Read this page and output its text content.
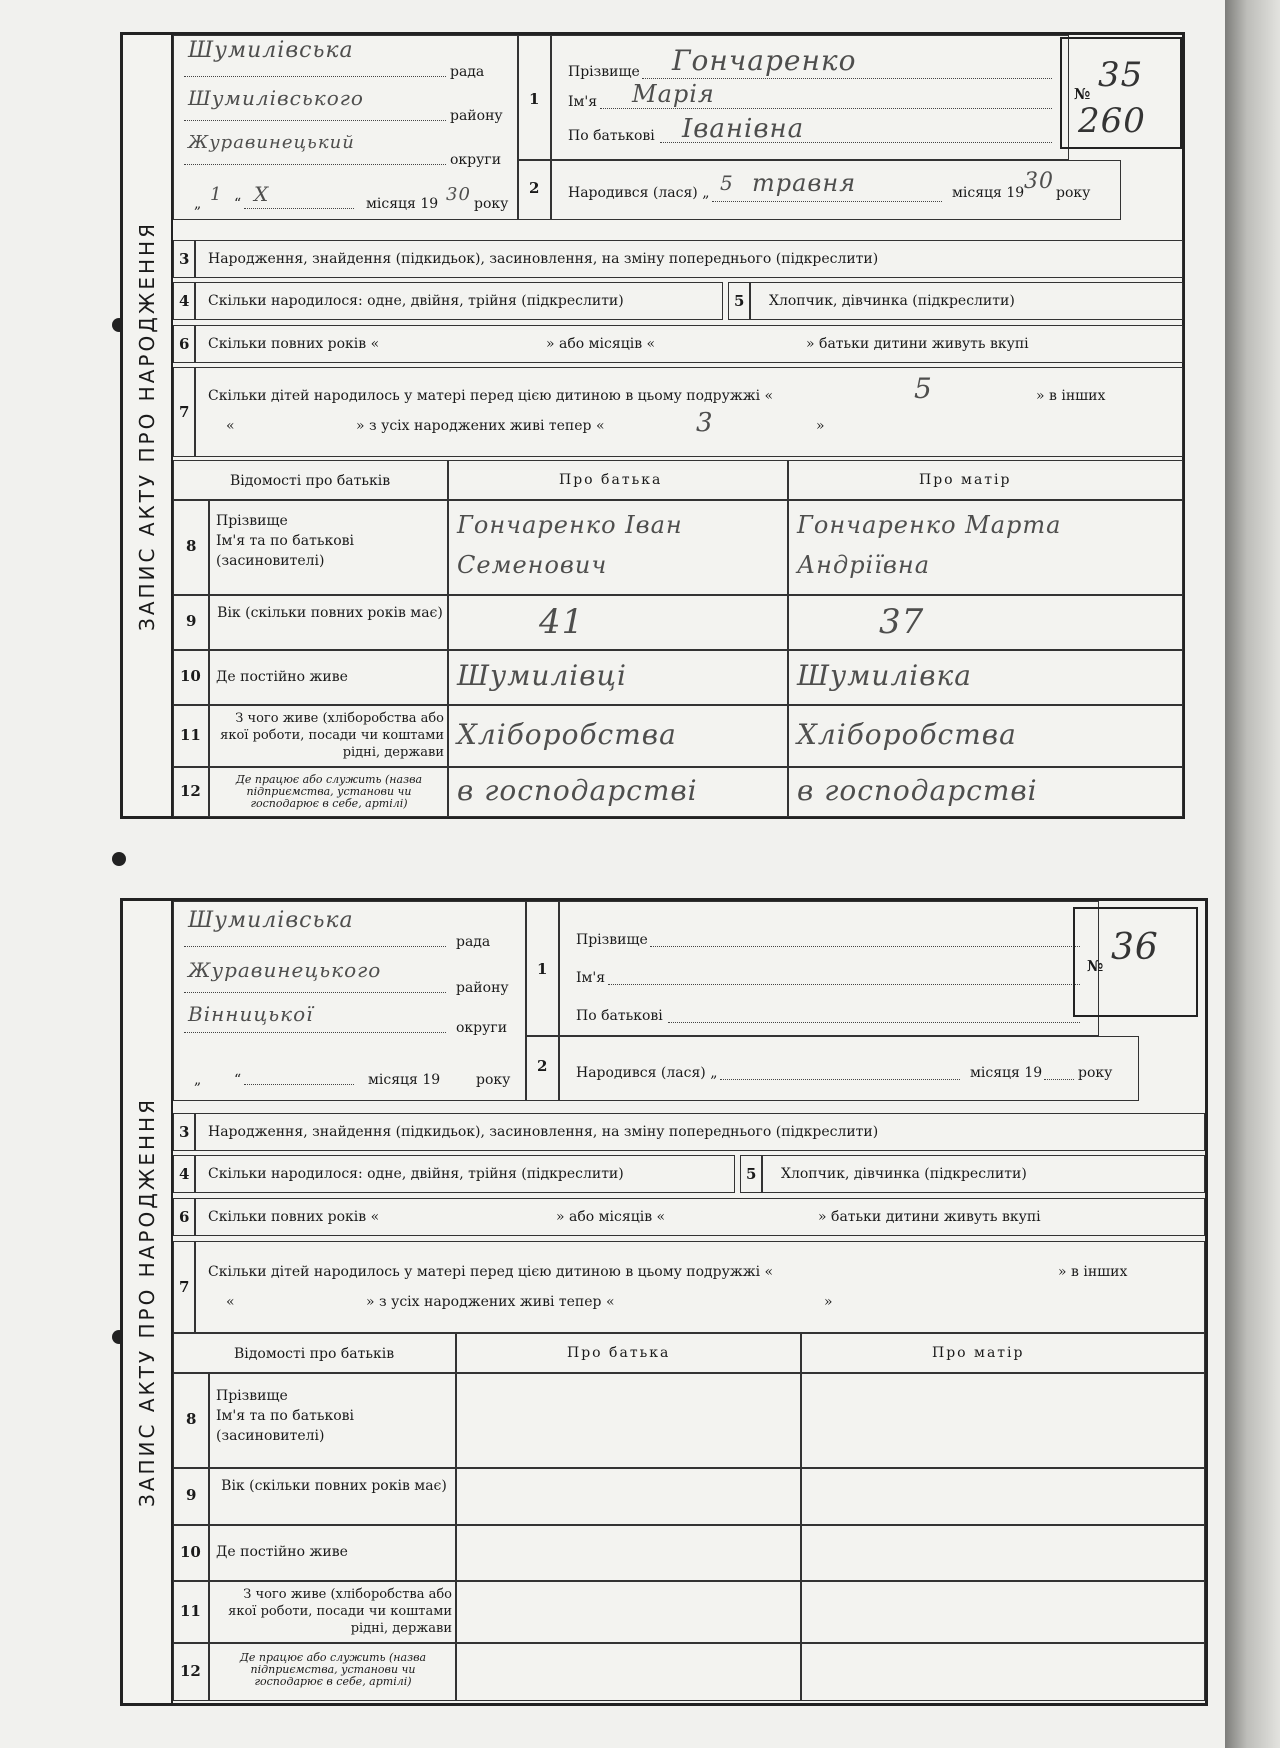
ЗАПИС АКТУ ПРО НАРОДЖЕННЯ
Шумилівська
рада
Шумилівського
району
Журавинецький
округи
„ 1 “ X	місяця 19 30 року
1
Прізвище Гончаренко
Ім'я Марія
По батькові Іванівна
№ 35
260
2 Народився (лася) „ 5 травня	місяця 19 30 року
3 Народження, знайдення (підкидьок), засиновлення, на зміну попереднього (підкреслити)
4 Скільки народилося: одне, двійня, трійня (підкреслити)	5 Хлопчик, дівчинка (підкреслити)
6 Скільки повних років «	» або місяців «	» батьки дитини живуть вкупі
7
Скільки дітей народилось у матері перед цією дитиною в цьому подружжі «	5	» в інших
«	» з усіх народжених живі тепер «	3	»
Відомості про батьків	Про батька	Про матір
8
Прізвище
Ім'я та по батькові
(засиновителі)
Гончаренко Іван Семенович
Гончаренко Марта Андріївна
9 Вік (скільки повних років має)	41	37
10 Де постійно живе	Шумилівці	Шумилівка
11
З чого живе (хліборобства або якої роботи, посади чи коштами рідні, держави
Хліборобства	Хліборобства
12
Де працює або служить (назва підприємства, установи чи господарює в себе, артілі)	в господарстві	в господарстві
ЗАПИС АКТУ ПРО НАРОДЖЕННЯ
Шумилівська
рада
Журавинецького
району
Вінницької
округи
„ “	місяця 19	року
1
Прізвище
Ім'я
По батькові
№ 36
2 Народився (лася) „	місяця 19	року
3 Народження, знайдення (підкидьок), засиновлення, на зміну попереднього (підкреслити)
4 Скільки народилося: одне, двійня, трійня (підкреслити)	5 Хлопчик, дівчинка (підкреслити)
6 Скільки повних років «	» або місяців «	» батьки дитини живуть вкупі
7
Скільки дітей народилось у матері перед цією дитиною в цьому подружжі «	» в інших
«	» з усіх народжених живі тепер «	»
Відомості про батьків	Про батька	Про матір
8
Прізвище
Ім'я та по батькові
(засиновителі)
9	Вік (скільки повних років має)
10 Де постійно живе
11
З чого живе (хліборобства або якої роботи, посади чи коштами рідні, держави
12
Де працює або служить (назва підприємства, установи чи господарює в себе, артілі)
